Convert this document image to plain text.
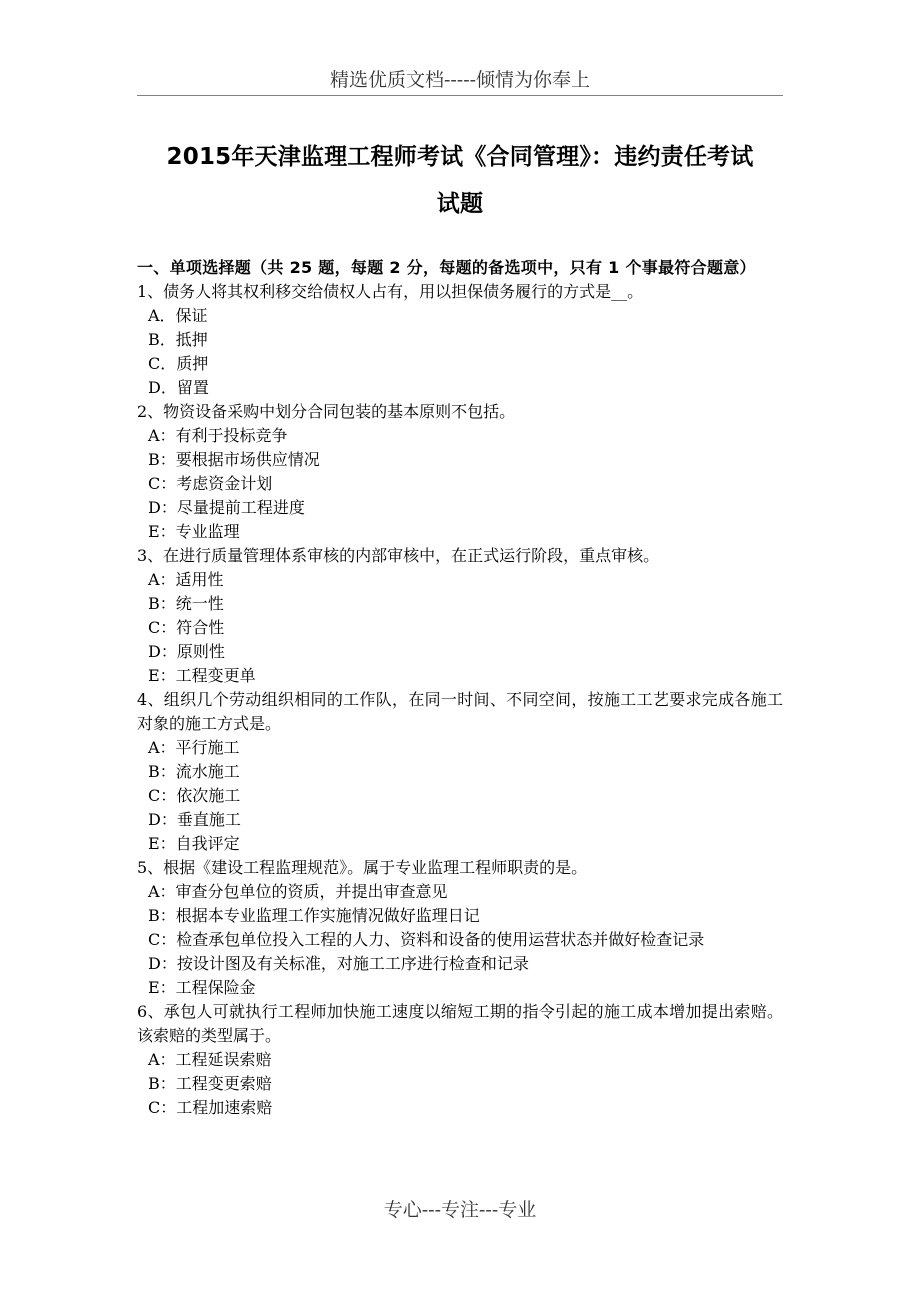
精选优质文档-----倾情为你奉上
2015年天津监理工程师考试《合同管理》：违约责任考试
试题

一、单项选择题（共 25 题，每题 2 分，每题的备选项中，只有 1 个事最符合题意）

1、债务人将其权利移交给债权人占有，用以担保债务履行的方式是__。

A．保证

B．抵押

C．质押

D．留置

2、物资设备采购中划分合同包装的基本原则不包括。

A：有利于投标竞争

B：要根据市场供应情况

C：考虑资金计划

D：尽量提前工程进度

E：专业监理

3、在进行质量管理体系审核的内部审核中，在正式运行阶段，重点审核。

A：适用性

B：统一性

C：符合性

D：原则性

E：工程变更单

4、组织几个劳动组织相同的工作队，在同一时间、不同空间，按施工工艺要求完成各施工对象的施工方式是。

A：平行施工

B：流水施工

C：依次施工

D：垂直施工

E：自我评定

5、根据《建设工程监理规范》。属于专业监理工程师职责的是。

A：审查分包单位的资质，并提出审查意见

B：根据本专业监理工作实施情况做好监理日记

C：检查承包单位投入工程的人力、资料和设备的使用运营状态并做好检查记录

D：按设计图及有关标准，对施工工序进行检查和记录

E：工程保险金

6、承包人可就执行工程师加快施工速度以缩短工期的指令引起的施工成本增加提出索赔。该索赔的类型属于。

A：工程延误索赔

B：工程变更索赔

C：工程加速索赔

专心---专注---专业
